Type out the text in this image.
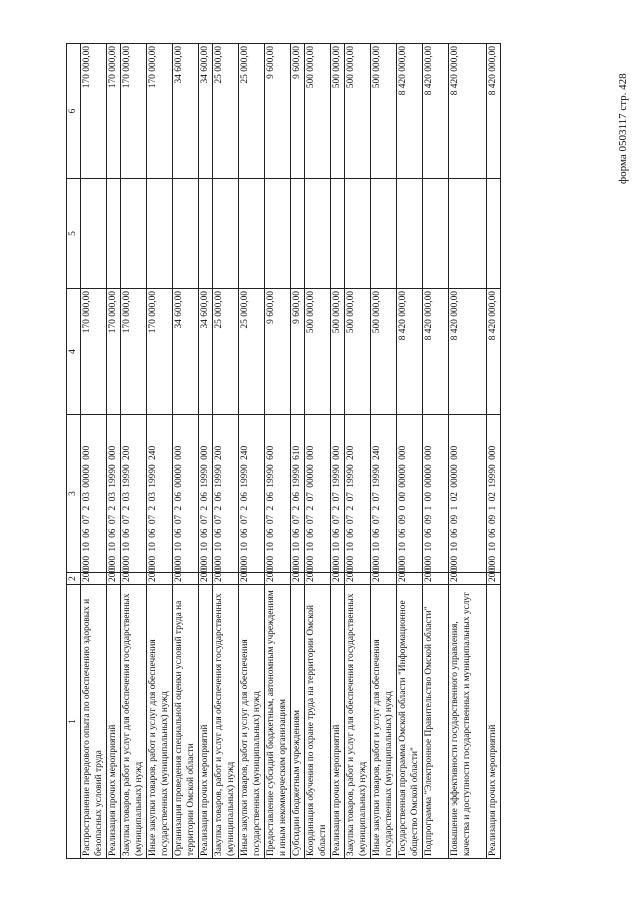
форма 0503117 стр. 428
1	2	3	4	5	6
Распространение передового опыта по обеспечению здоровых и безопасных условий труда	200	000 10 06 07 2 03 00000 000	170 000,00		170 000,00
Реализация прочих мероприятий	200	000 10 06 07 2 03 19990 000	170 000,00		170 000,00
Закупка товаров, работ и услуг для обеспечения государственных (муниципальных) нужд	200	000 10 06 07 2 03 19990 200	170 000,00		170 000,00
Иные закупки товаров, работ и услуг для обеспечения государственных (муниципальных) нужд	200	000 10 06 07 2 03 19990 240	170 000,00		170 000,00
Организация проведения специальной оценки условий труда на территории Омской области	200	000 10 06 07 2 06 00000 000	34 600,00		34 600,00
Реализация прочих мероприятий	200	000 10 06 07 2 06 19990 000	34 600,00		34 600,00
Закупка товаров, работ и услуг для обеспечения государственных (муниципальных) нужд	200	000 10 06 07 2 06 19990 200	25 000,00		25 000,00
Иные закупки товаров, работ и услуг для обеспечения государственных (муниципальных) нужд	200	000 10 06 07 2 06 19990 240	25 000,00		25 000,00
Предоставление субсидий бюджетным, автономным учреждениям и иным некоммерческим организациям	200	000 10 06 07 2 06 19990 600	9 600,00		9 600,00
Субсидии бюджетным учреждениям	200	000 10 06 07 2 06 19990 610	9 600,00		9 600,00
Координация обучения по охране труда на территории Омской области	200	000 10 06 07 2 07 00000 000	500 000,00		500 000,00
Реализация прочих мероприятий	200	000 10 06 07 2 07 19990 000	500 000,00		500 000,00
Закупка товаров, работ и услуг для обеспечения государственных (муниципальных) нужд	200	000 10 06 07 2 07 19990 200	500 000,00		500 000,00
Иные закупки товаров, работ и услуг для обеспечения государственных (муниципальных) нужд	200	000 10 06 07 2 07 19990 240	500 000,00		500 000,00
Государственная программа Омской области "Информационное общество Омской области"	200	000 10 06 09 0 00 00000 000	8 420 000,00		8 420 000,00
Подпрограмма "Электронное Правительство Омской области"	200	000 10 06 09 1 00 00000 000	8 420 000,00		8 420 000,00
Повышение эффективности государственного управления, качества и доступности государственных и муниципальных услуг	200	000 10 06 09 1 02 00000 000	8 420 000,00		8 420 000,00
Реализация прочих мероприятий	200	000 10 06 09 1 02 19990 000	8 420 000,00		8 420 000,00
